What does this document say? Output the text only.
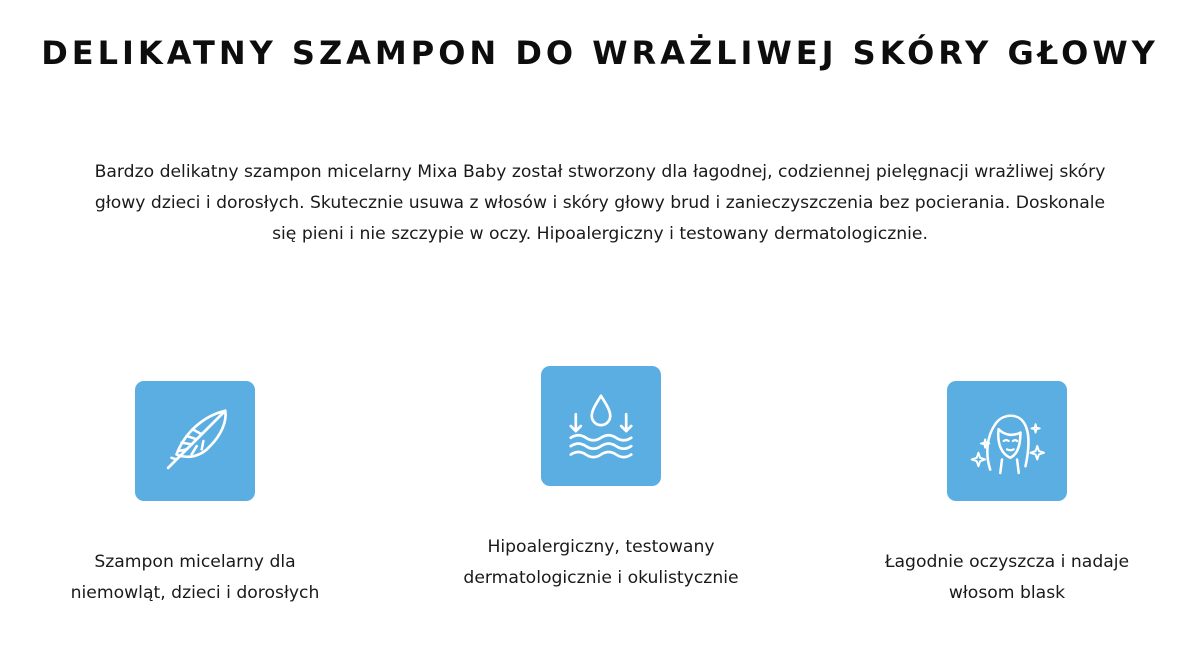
DELIKATNY SZAMPON DO WRAŻLIWEJ SKÓRY GŁOWY

Bardzo delikatny szampon micelarny Mixa Baby został stworzony dla łagodnej, codziennej pielęgnacji wrażliwej skóry głowy dzieci i dorosłych. Skutecznie usuwa z włosów i skóry głowy brud i zanieczyszczenia bez pocierania. Doskonale się pieni i nie szczypie w oczy. Hipoalergiczny i testowany dermatologicznie.

Szampon micelarny dla niemowląt, dzieci i dorosłych
Hipoalergiczny, testowany dermatologicznie i okulistycznie
Łagodnie oczyszcza i nadaje włosom blask
